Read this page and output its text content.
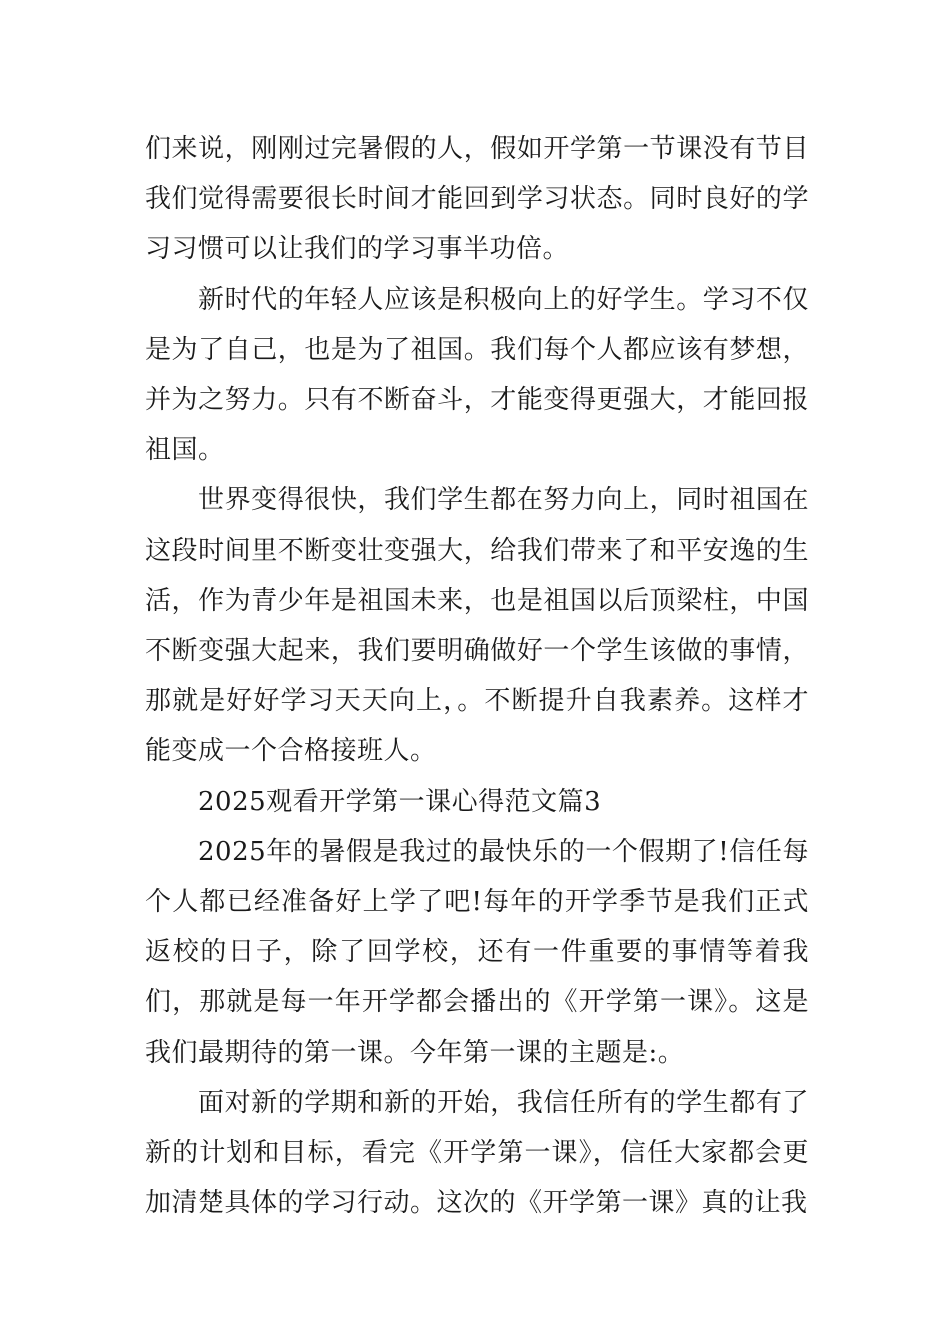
们来说，刚刚过完暑假的人，假如开学第一节课没有节目我们觉得需要很长时间才能回到学习状态。同时良好的学习习惯可以让我们的学习事半功倍。

新时代的年轻人应该是积极向上的好学生。学习不仅是为了自己，也是为了祖国。我们每个人都应该有梦想，并为之努力。只有不断奋斗，才能变得更强大，才能回报祖国。

世界变得很快，我们学生都在努力向上，同时祖国在这段时间里不断变壮变强大，给我们带来了和平安逸的生活，作为青少年是祖国未来，也是祖国以后顶梁柱，中国不断变强大起来，我们要明确做好一个学生该做的事情，那就是好好学习天天向上，。不断提升自我素养。这样才能变成一个合格接班人。

2025观看开学第一课心得范文篇3

2025年的暑假是我过的最快乐的一个假期了!信任每个人都已经准备好上学了吧!每年的开学季节是我们正式返校的日子，除了回学校，还有一件重要的事情等着我们，那就是每一年开学都会播出的《开学第一课》。这是我们最期待的第一课。今年第一课的主题是:。

面对新的学期和新的开始，我信任所有的学生都有了新的计划和目标，看完《开学第一课》，信任大家都会更加清楚具体的学习行动。这次的《开学第一课》真的让我
